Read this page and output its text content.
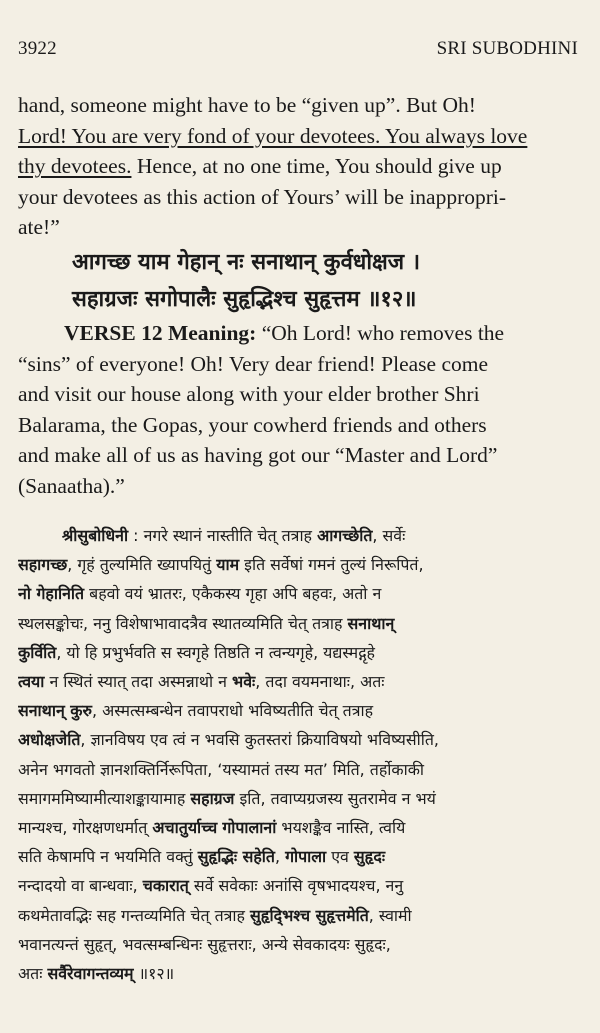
3922	SRI SUBODHINI
hand, someone might have to be “given up”. But Oh!
Lord! You are very fond of your devotees. You always love
thy devotees. Hence, at no one time, You should give up
your devotees as this action of Yours’ will be inappropri-
ate!”
आगच्छ याम गेहान् नः सनाथान् कुर्वधोक्षज ।
सहाग्रजः सगोपालैः सुहृद्भिश्च सुहृत्तम ॥१२॥
VERSE 12 Meaning: “Oh Lord! who removes the
“sins” of everyone! Oh! Very dear friend! Please come
and visit our house along with your elder brother Shri
Balarama, the Gopas, your cowherd friends and others
and make all of us as having got our “Master and Lord”
(Sanaatha).”
श्रीसुबोधिनी : नगरे स्थानं नास्तीति चेत् तत्राह आगच्छेति, सर्वेः
सहागच्छ, गृहं तुल्यमिति ख्यापयितुं याम इति सर्वेषां गमनं तुल्यं निरूपितं,
नो गेहानिति बहवो वयं भ्रातरः, एकैकस्य गृहा अपि बहवः, अतो न
स्थलसङ्कोचः, ननु विशेषाभावादत्रैव स्थातव्यमिति चेत् तत्राह सनाथान्
कुर्विति, यो हि प्रभुर्भवति स स्वगृहे तिष्ठति न त्वन्यगृहे, यद्यस्मद्गृहे
त्वया न स्थितं स्यात् तदा अस्मन्नाथो न भवेः, तदा वयमनाथाः, अतः
सनाथान् कुरु, अस्मत्सम्बन्धेन तवापराधो भविष्यतीति चेत् तत्राह
अधोक्षजेति, ज्ञानविषय एव त्वं न भवसि कुतस्तरां क्रियाविषयो भविष्यसीति,
अनेन भगवतो ज्ञानशक्तिर्निरूपिता, ‘यस्यामतं तस्य मत’ मिति, तर्होकाकी
समागममिष्यामीत्याशङ्कायामाह सहाग्रज इति, तवाप्यग्रजस्य सुतरामेव न भयं
मान्यश्च, गोरक्षणधर्मात् अचातुर्याच्च गोपालानां भयशङ्कैव नास्ति, त्वयि
सति केषामपि न भयमिति वक्तुं सुहृद्भिः सहेति, गोपाला एव सुहृदः
नन्दादयो वा बान्धवाः, चकारात् सर्वे सवेकाः अनांसि वृषभादयश्च, ननु
कथमेतावद्भिः सह गन्तव्यमिति चेत् तत्राह सुहृदि्भश्च सुहृत्तमेति, स्वामी
भवानत्यन्तं सुहृत्, भवत्सम्बन्धिनः सुहृत्तराः, अन्ये सेवकादयः सुहृदः,
अतः सर्वैरेवागन्तव्यम् ॥१२॥
